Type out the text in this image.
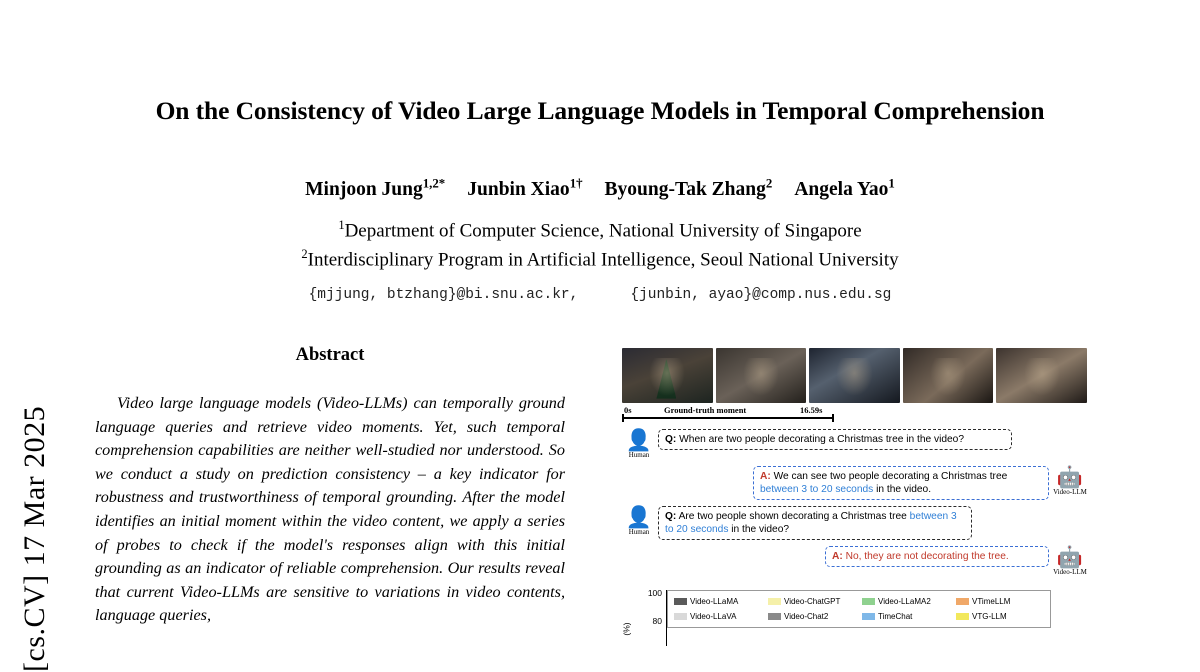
[cs.CV] 17 Mar 2025
On the Consistency of Video Large Language Models in Temporal Comprehension
Minjoon Jung$^{1,2*}$ Junbin Xiao$^{1\dagger}$ Byoung-Tak Zhang$^2$ Angela Yao$^1$
$^1$Department of Computer Science, National University of Singapore
$^2$Interdisciplinary Program in Artificial Intelligence, Seoul National University
{mjjung, btzhang}@bi.snu.ac.kr,	{junbin, ayao}@comp.nus.edu.sg
Abstract
Video large language models (Video-LLMs) can temporally ground language queries and retrieve video moments. Yet, such temporal comprehension capabilities are neither well-studied nor understood. So we conduct a study on prediction consistency – a key indicator for robustness and trustworthiness of temporal grounding. After the model identifies an initial moment within the video content, we apply a series of probes to check if the model's responses align with this initial grounding as an indicator of reliable comprehension. Our results reveal that current Video-LLMs are sensitive to variations in video contents, language queries,
0s	Ground-truth moment	16.59s
👤
Human
Q: When are two people decorating a Christmas tree in the video?
A: We can see two people decorating a Christmas tree between 3 to 20 seconds in the video.
🤖
Video-LLM
👤
Human
Q: Are two people shown decorating a Christmas tree between 3 to 20 seconds in the video?
A: No, they are not decorating the tree.	🤖
Video-LLM
Video-LLaMA	Video-ChatGPT	Video-LLaMA2	VTimeLLM
Video-LLaVA	Video-Chat2	TimeChat	VTG-LLM
100
80
(%)
